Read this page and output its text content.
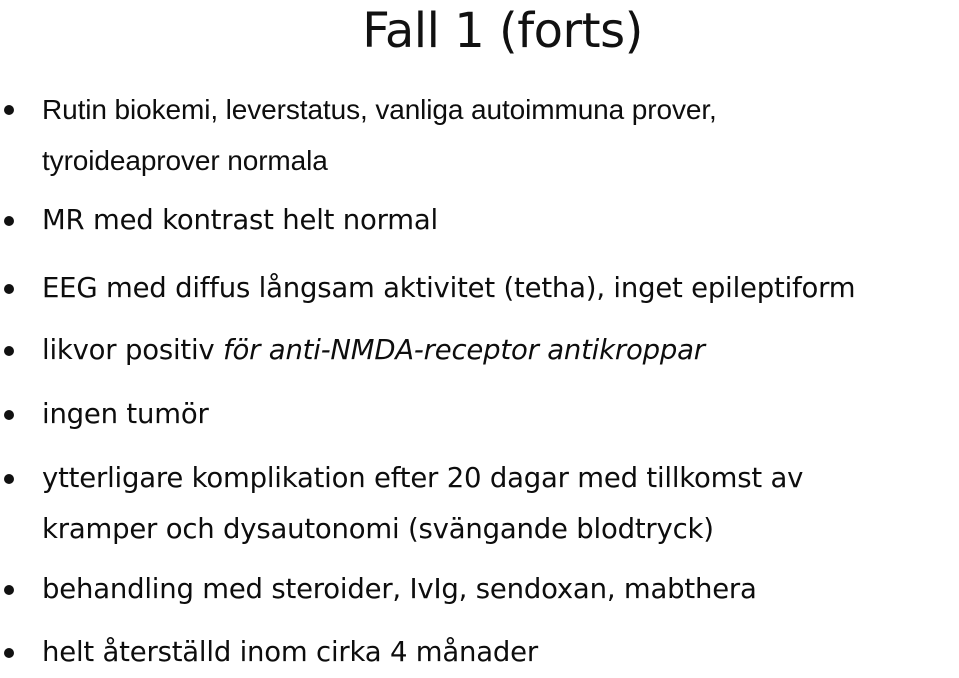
Fall 1 (forts)
Rutin biokemi, leverstatus, vanliga autoimmuna prover,
tyroideaprover normala
MR med kontrast helt normal
EEG med diffus långsam aktivitet (tetha), inget epileptiform
likvor positiv för anti-NMDA-receptor antikroppar
ingen tumör
ytterligare komplikation efter 20 dagar med tillkomst av
kramper och dysautonomi (svängande blodtryck)
behandling med steroider, IvIg, sendoxan, mabthera
helt återställd inom cirka 4 månader
